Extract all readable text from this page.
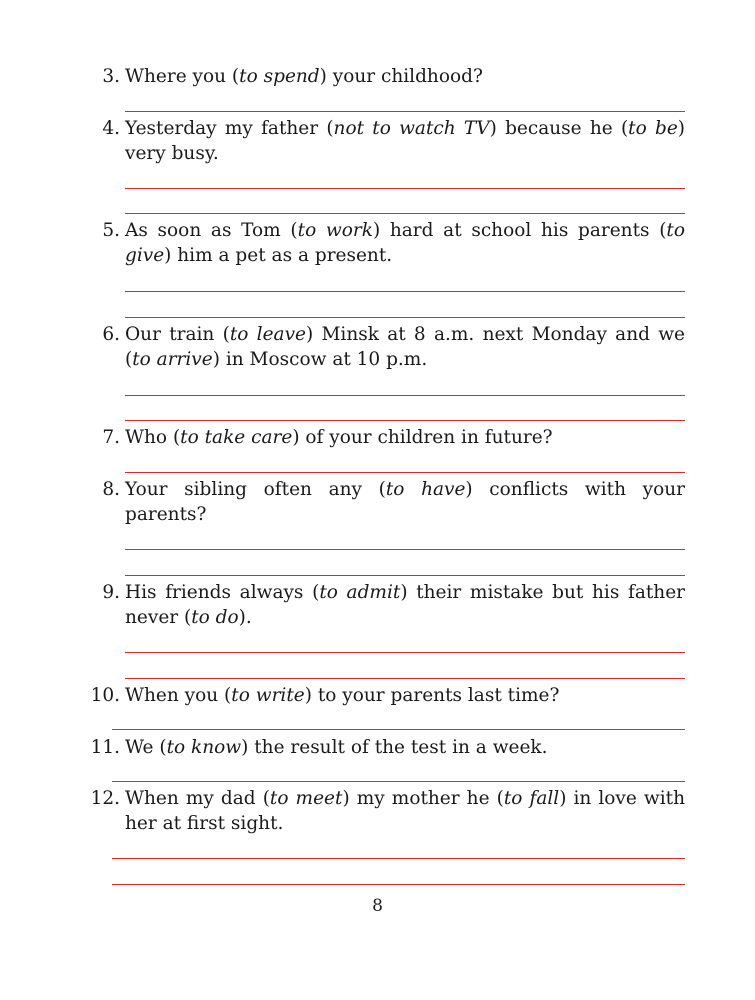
3. Where you (to spend) your childhood?
4. Yesterday my father (not to watch TV) because he (to be) very busy.
5. As soon as Tom (to work) hard at school his parents (to give) him a pet as a present.
6. Our train (to leave) Minsk at 8 a.m. next Monday and we (to arrive) in Moscow at 10 p.m.
7. Who (to take care) of your children in future?
8. Your sibling often any (to have) conflicts with your parents?
9. His friends always (to admit) their mistake but his father never (to do).
10. When you (to write) to your parents last time?
11. We (to know) the result of the test in a week.
12. When my dad (to meet) my mother he (to fall) in love with her at first sight.
8
